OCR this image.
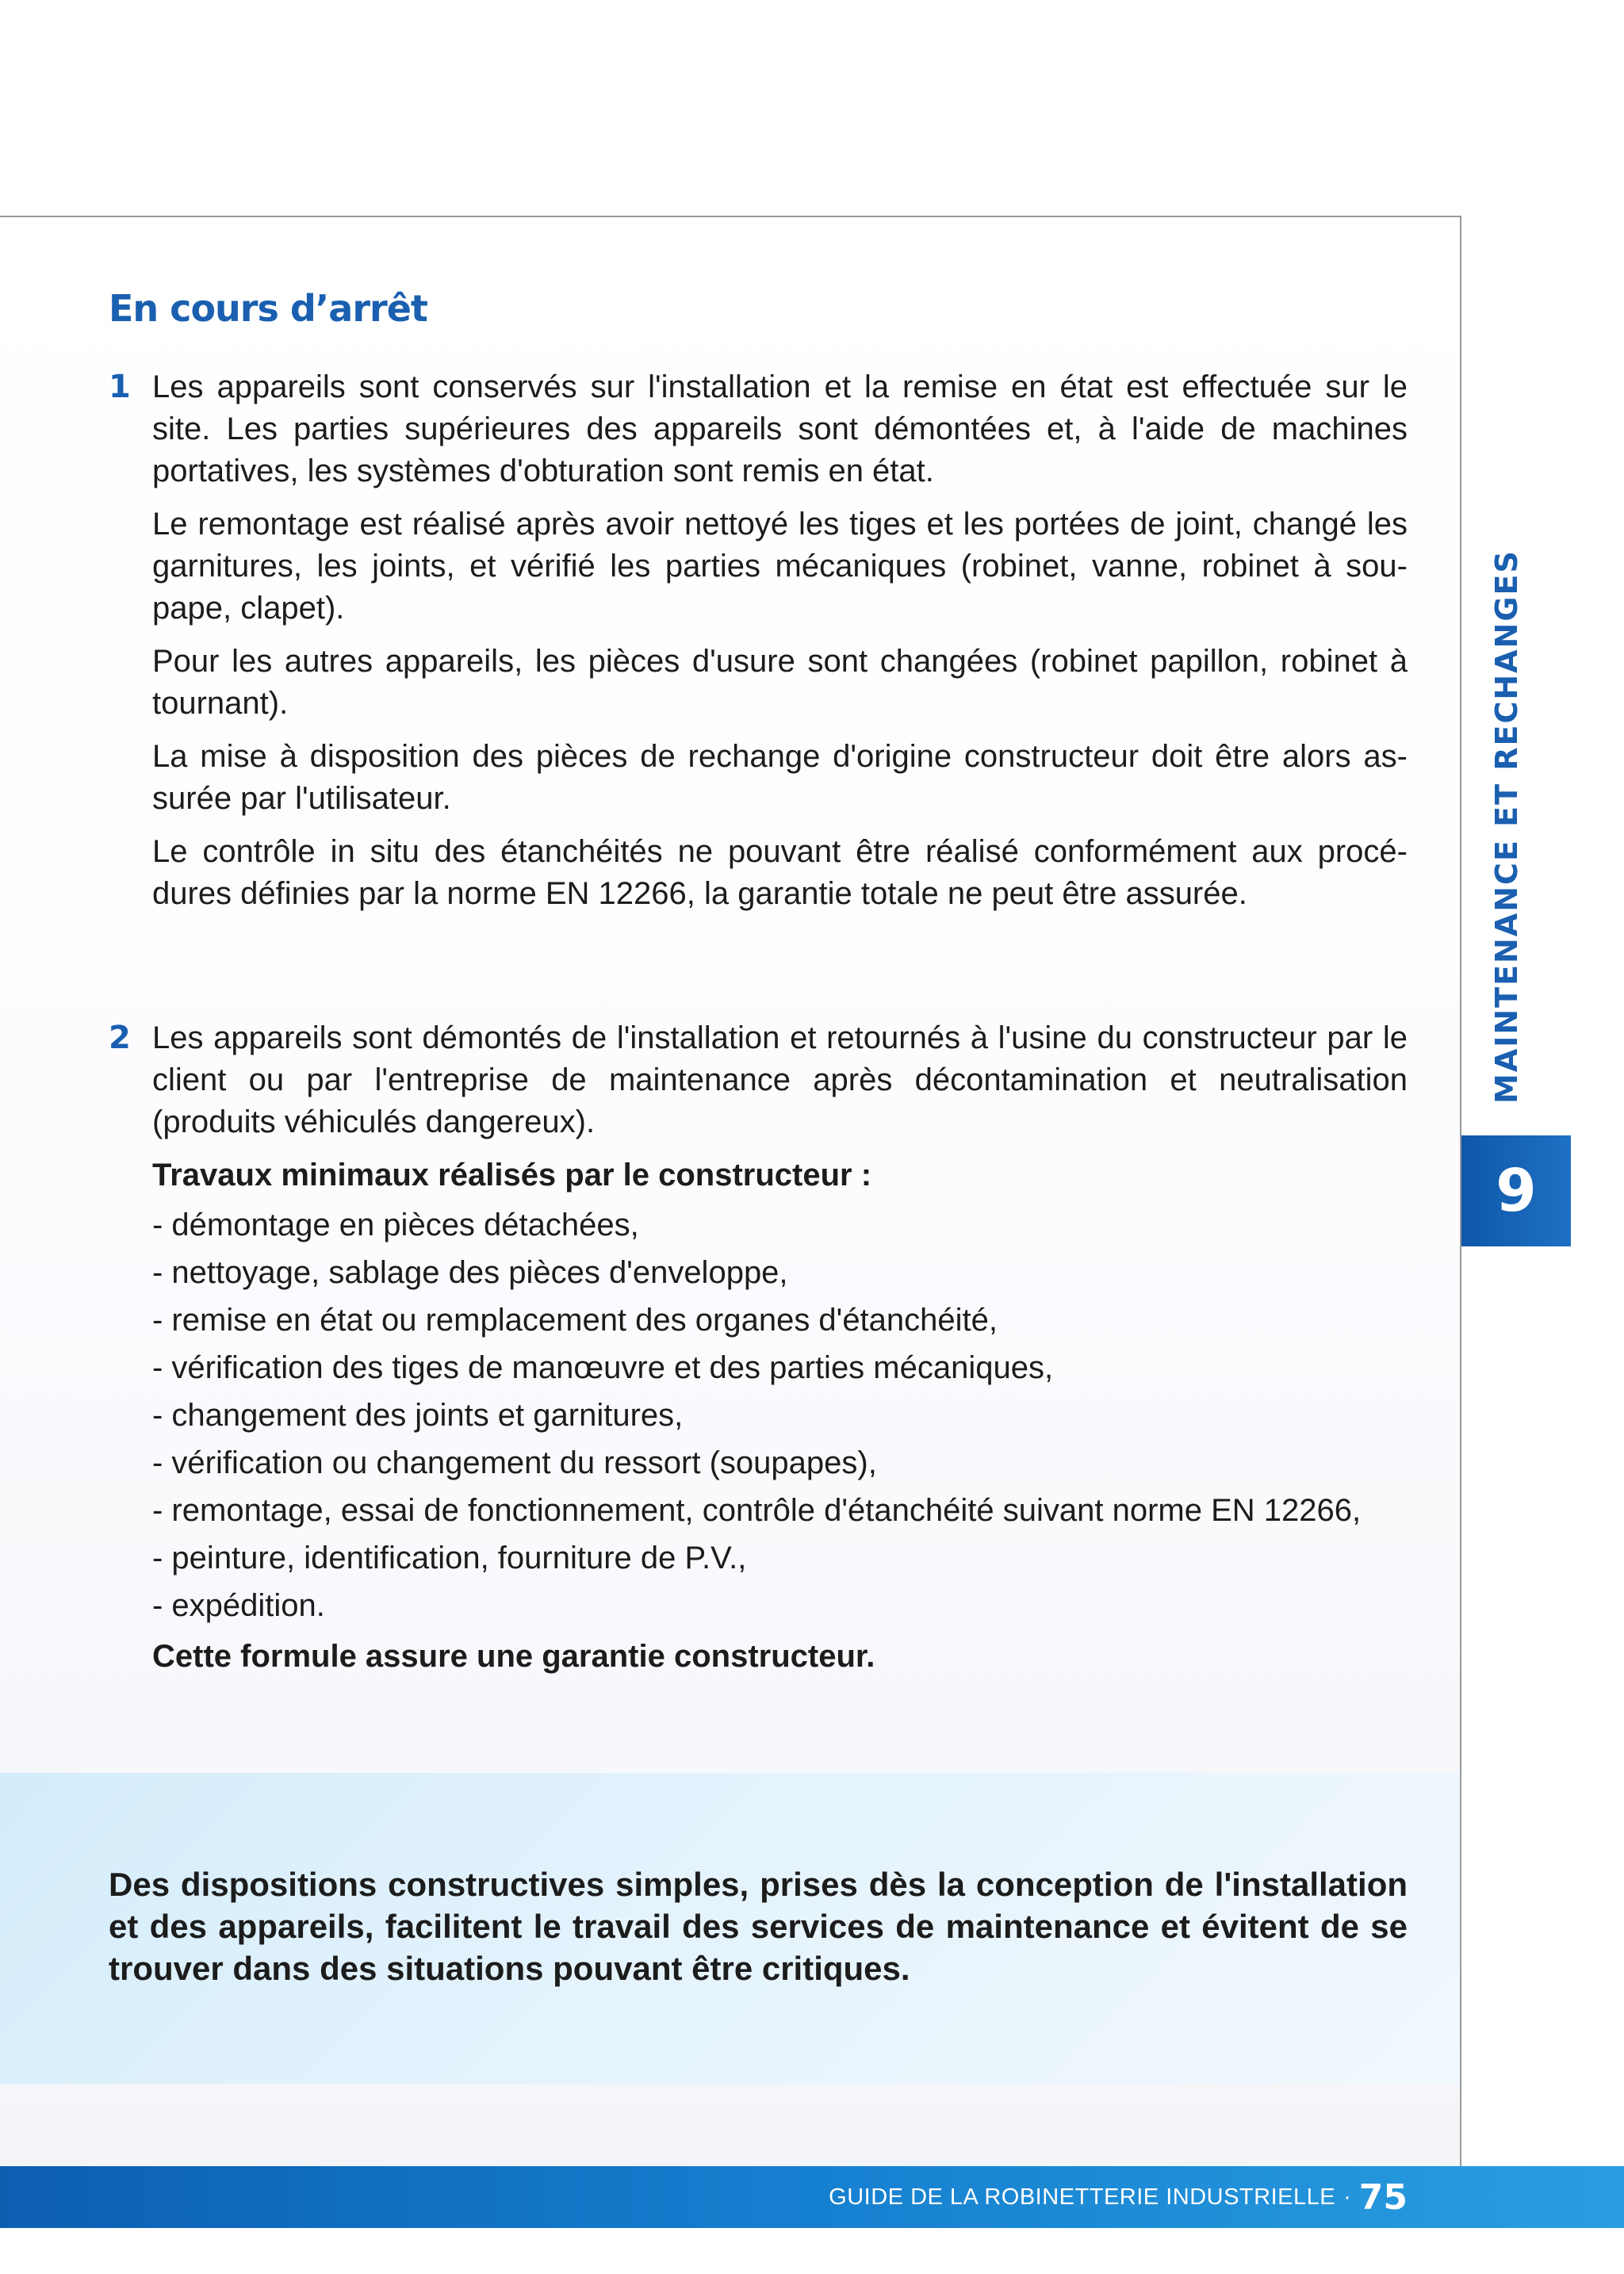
En cours d’arrêt
1 Les appareils sont conservés sur l'installation et la remise en état est effectuée sur le site. Les parties supérieures des appareils sont démontées et, à l'aide de machines portatives, les systèmes d'obturation sont remis en état.

Le remontage est réalisé après avoir nettoyé les tiges et les portées de joint, changé les garnitures, les joints, et vérifié les parties mécaniques (robinet, vanne, robinet à sou-pape, clapet).

Pour les autres appareils, les pièces d'usure sont changées (robinet papillon, robinet à tournant).

La mise à disposition des pièces de rechange d'origine constructeur doit être alors as-surée par l'utilisateur.

Le contrôle in situ des étanchéités ne pouvant être réalisé conformément aux procé-dures définies par la norme EN 12266, la garantie totale ne peut être assurée.

2 Les appareils sont démontés de l'installation et retournés à l'usine du constructeur par le client ou par l'entreprise de maintenance après décontamination et neutralisation (produits véhiculés dangereux).

Travaux minimaux réalisés par le constructeur :

- démontage en pièces détachées,
- nettoyage, sablage des pièces d'enveloppe,
- remise en état ou remplacement des organes d'étanchéité,
- vérification des tiges de manœuvre et des parties mécaniques,
- changement des joints et garnitures,
- vérification ou changement du ressort (soupapes),
- remontage, essai de fonctionnement, contrôle d'étanchéité suivant norme EN 12266,
- peinture, identification, fourniture de P.V.,
- expédition.

Cette formule assure une garantie constructeur.

Des dispositions constructives simples, prises dès la conception de l'installation et des appareils, facilitent le travail des services de maintenance et évitent de se trouver dans des situations pouvant être critiques.

MAINTENANCE ET RECHANGES
9
GUIDE DE LA ROBINETTERIE INDUSTRIELLE · 75
